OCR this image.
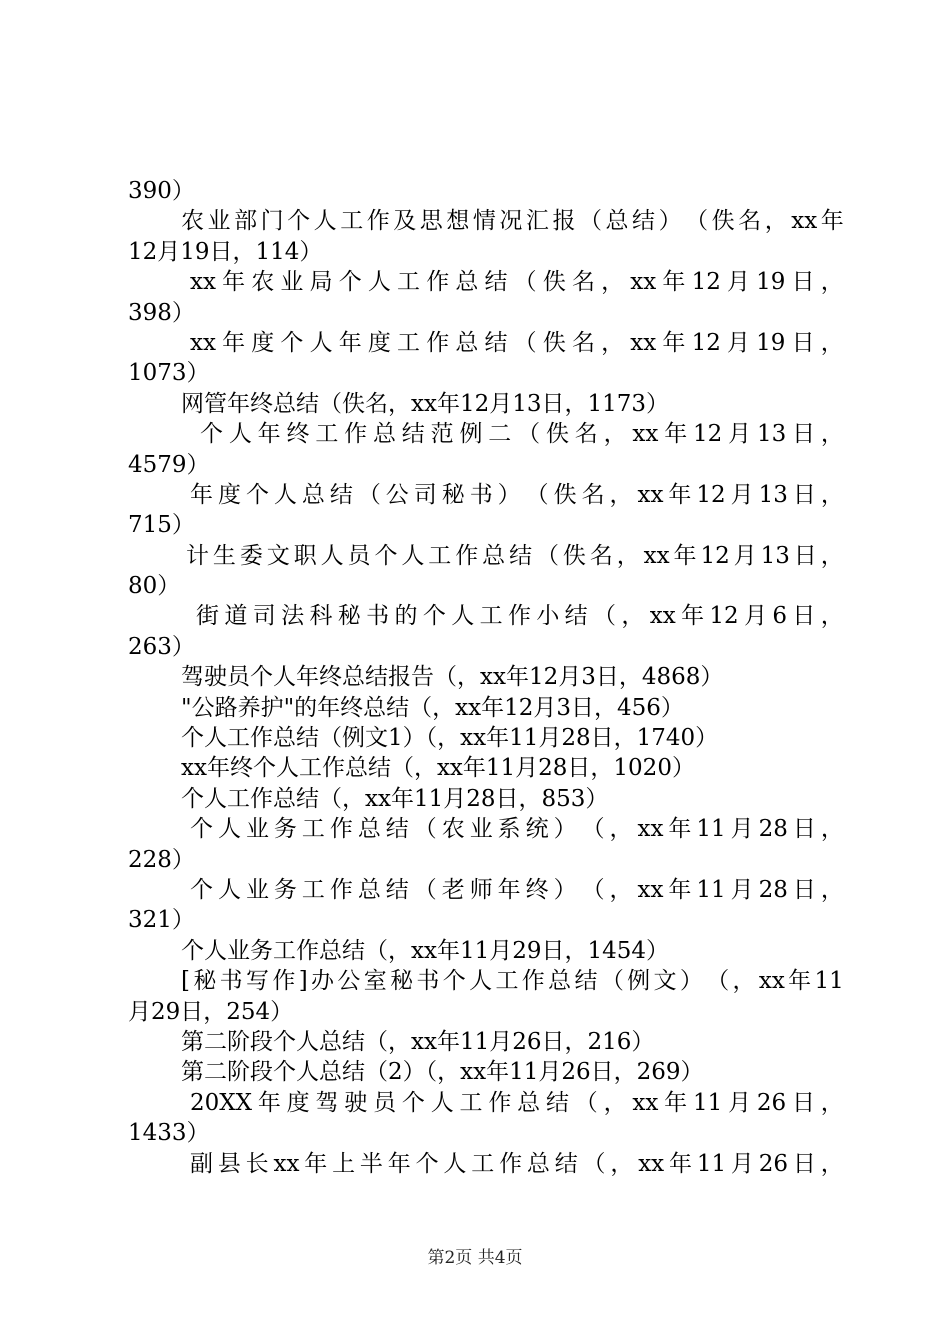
390）
农 业 部 门 个 人 工 作 及 思 想 情 况 汇 报 （ 总 结 ） （ 佚 名 ， xx 年
12月19日，114）
xx 年 农 业 局 个 人 工 作 总 结 （ 佚 名 ， xx 年 12 月 19 日 ，
398）
xx 年 度 个 人 年 度 工 作 总 结 （ 佚 名 ， xx 年 12 月 19 日 ，
1073）
网管年终总结（佚名，xx年12月13日，1173）
个 人 年 终 工 作 总 结 范 例 二 （ 佚 名 ， xx 年 12 月 13 日 ，
4579）
年 度 个 人 总 结 （ 公 司 秘 书 ） （ 佚 名 ， xx 年 12 月 13 日 ，
715）
计 生 委 文 职 人 员 个 人 工 作 总 结 （ 佚 名 ， xx 年 12 月 13 日 ，
80）
街 道 司 法 科 秘 书 的 个 人 工 作 小 结 （ ， xx 年 12 月 6 日 ，
263）
驾驶员个人年终总结报告（，xx年12月3日，4868）
"公路养护"的年终总结（，xx年12月3日，456）
个人工作总结（例文1）（，xx年11月28日，1740）
xx年终个人工作总结（，xx年11月28日，1020）
个人工作总结（，xx年11月28日，853）
个 人 业 务 工 作 总 结 （ 农 业 系 统 ） （ ， xx 年 11 月 28 日 ，
228）
个 人 业 务 工 作 总 结 （ 老 师 年 终 ） （ ， xx 年 11 月 28 日 ，
321）
个人业务工作总结（，xx年11月29日，1454）
[ 秘 书 写 作 ] 办 公 室 秘 书 个 人 工 作 总 结 （ 例 文 ） （ ， xx 年 11
月29日，254）
第二阶段个人总结（，xx年11月26日，216）
第二阶段个人总结（2）（，xx年11月26日，269）
20XX 年 度 驾 驶 员 个 人 工 作 总 结 （ ， xx 年 11 月 26 日 ，
1433）
副 县 长 xx 年 上 半 年 个 人 工 作 总 结 （ ， xx 年 11 月 26 日 ，
第2页 共4页
